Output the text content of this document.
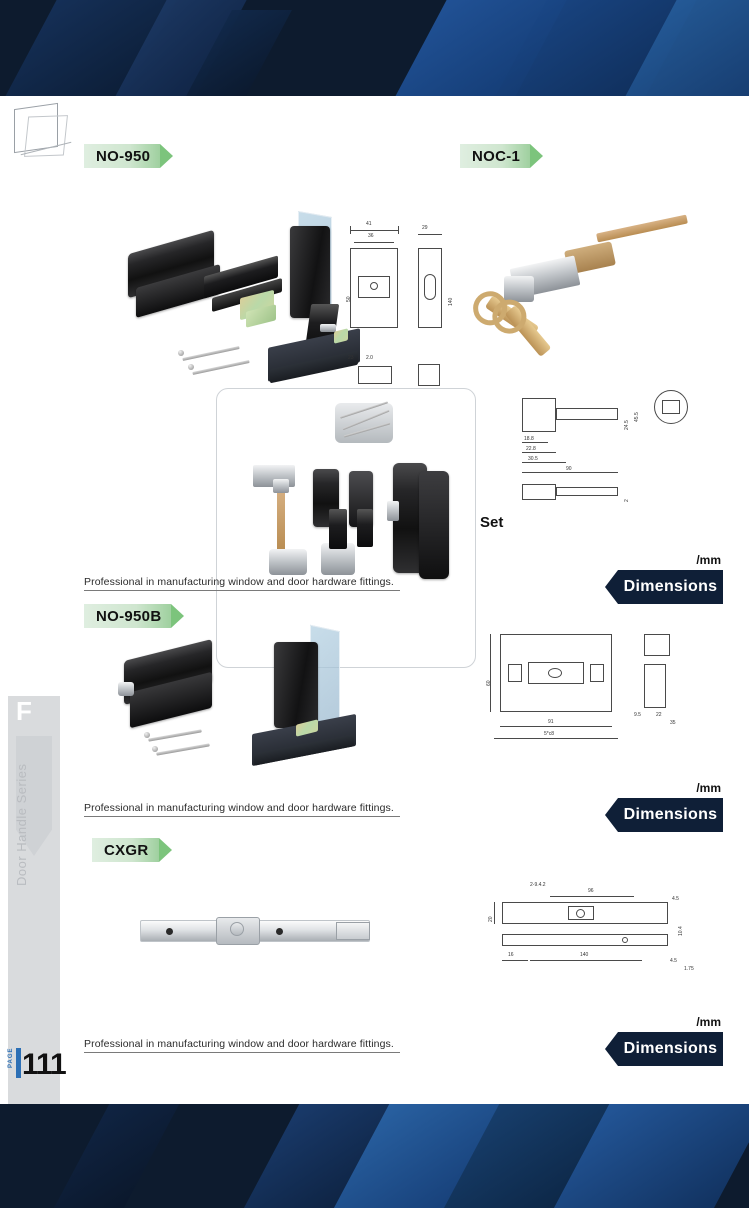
F
Door Handle Series
NO-950
41
36
50
29
140
23 2.0
NOC-1
18.8
22.8
30.5
90
24.5
45.5
2
Set
Professional in manufacturing window and door hardware fittings.	Dimensions
/mm
NO-950B
60
91
5*c8
9.5	22
35
Professional in manufacturing window and door hardware fittings.	Dimensions
/mm
CXGR
2-9.4.2
96
20
4.5
10.4
16	140
4.5
1.75
Professional in manufacturing window and door hardware fittings.	Dimensions
/mm
111
PAGE
